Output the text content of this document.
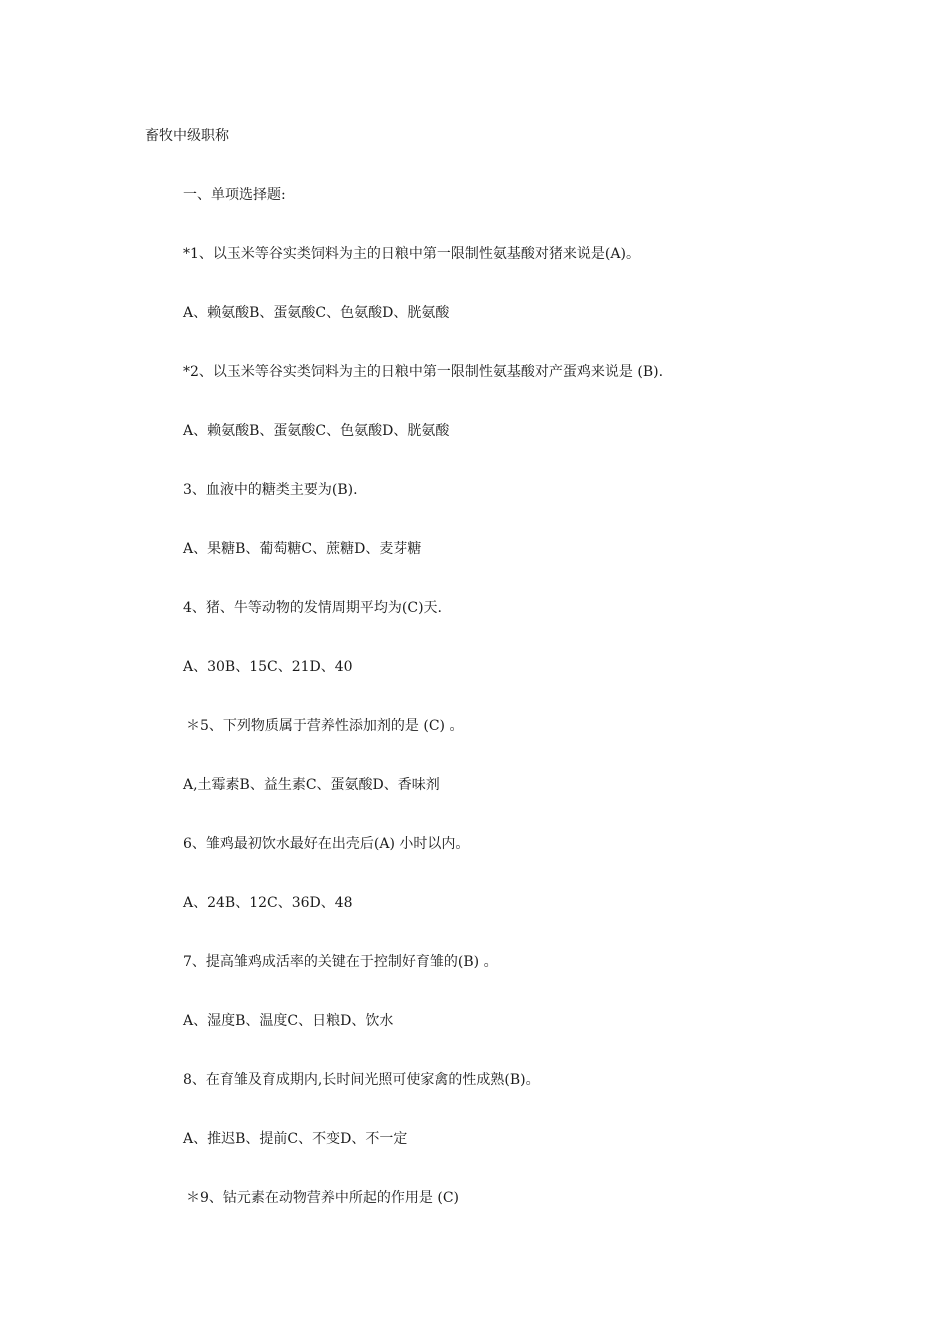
畜牧中级职称
一、单项选择题:
*1、以玉米等谷实类饲料为主的日粮中第一限制性氨基酸对猪来说是(A)。
A、赖氨酸B、蛋氨酸C、色氨酸D、胱氨酸
*2、以玉米等谷实类饲料为主的日粮中第一限制性氨基酸对产蛋鸡来说是 (B).
A、赖氨酸B、蛋氨酸C、色氨酸D、胱氨酸
3、血液中的糖类主要为(B).
A、果糖B、葡萄糖C、蔗糖D、麦芽糖
4、猪、牛等动物的发情周期平均为(C)天.
A、30B、15C、21D、40
＊5、下列物质属于营养性添加剂的是 (C) 。
A,土霉素B、益生素C、蛋氨酸D、香味剂
6、雏鸡最初饮水最好在出壳后(A) 小时以内。
A、24B、12C、36D、48
7、提高雏鸡成活率的关键在于控制好育雏的(B) 。
A、湿度B、温度C、日粮D、饮水
8、在育雏及育成期内,长时间光照可使家禽的性成熟(B)。
A、推迟B、提前C、不变D、不一定
＊9、钴元素在动物营养中所起的作用是 (C)
